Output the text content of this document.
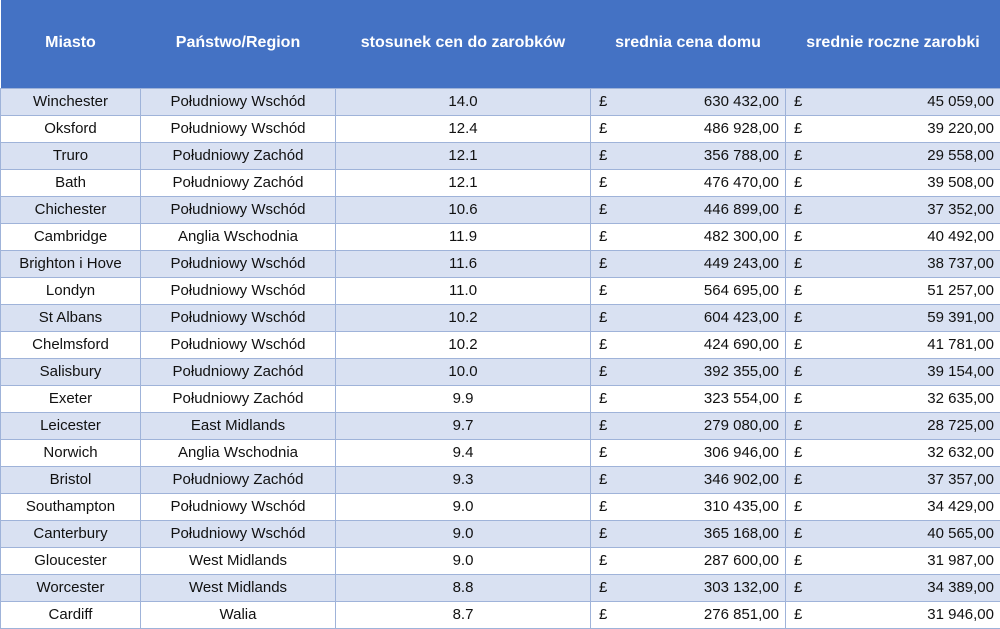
Miasto	Państwo/Region	stosunek cen do zarobków	srednia cena domu	srednie roczne zarobki
Winchester	Południowy Wschód	14.0	£ 630 432,00	£ 45 059,00

Oksford	Południowy Wschód	12.4	£ 486 928,00	£ 39 220,00

Truro	Południowy Zachód	12.1	£ 356 788,00	£ 29 558,00

Bath	Południowy Zachód	12.1	£ 476 470,00	£ 39 508,00

Chichester	Południowy Wschód	10.6	£ 446 899,00	£ 37 352,00

Cambridge	Anglia Wschodnia	11.9	£ 482 300,00	£ 40 492,00

Brighton i Hove	Południowy Wschód	11.6	£ 449 243,00	£ 38 737,00

Londyn	Południowy Wschód	11.0	£ 564 695,00	£ 51 257,00

St Albans	Południowy Wschód	10.2	£ 604 423,00	£ 59 391,00

Chelmsford	Południowy Wschód	10.2	£ 424 690,00	£ 41 781,00

Salisbury	Południowy Zachód	10.0	£ 392 355,00	£ 39 154,00

Exeter	Południowy Zachód	9.9	£ 323 554,00	£ 32 635,00

Leicester	East Midlands	9.7	£ 279 080,00	£ 28 725,00

Norwich	Anglia Wschodnia	9.4	£ 306 946,00	£ 32 632,00

Bristol	Południowy Zachód	9.3	£ 346 902,00	£ 37 357,00

Southampton	Południowy Wschód	9.0	£ 310 435,00	£ 34 429,00

Canterbury	Południowy Wschód	9.0	£ 365 168,00	£ 40 565,00

Gloucester	West Midlands	9.0	£ 287 600,00	£ 31 987,00

Worcester	West Midlands	8.8	£ 303 132,00	£ 34 389,00

Cardiff	Walia	8.7	£ 276 851,00	£ 31 946,00
